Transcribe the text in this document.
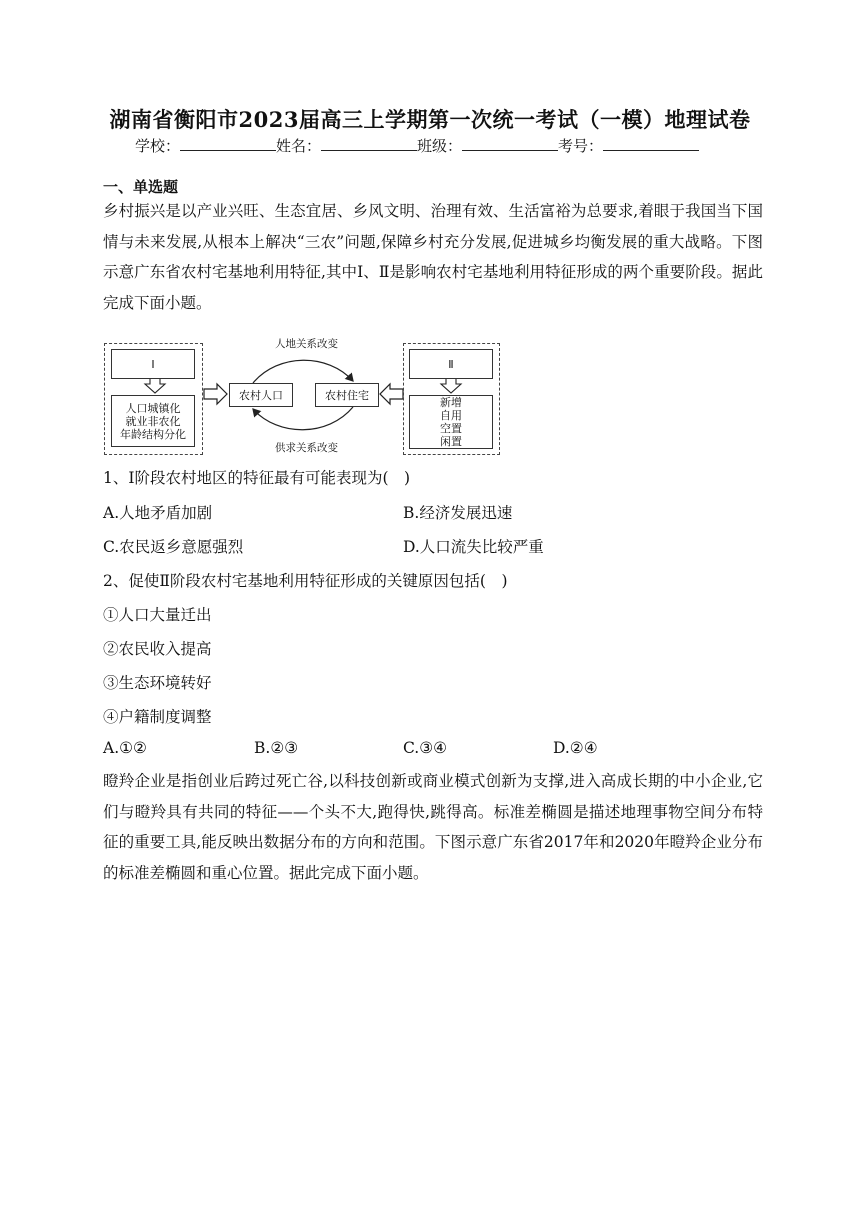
湖南省衡阳市2023届高三上学期第一次统一考试（一模）地理试卷
学校：	姓名：	班级：	考号：
一、单选题
乡村振兴是以产业兴旺、生态宜居、乡风文明、治理有效、生活富裕为总要求,着眼于我国当下国情与未来发展,从根本上解决“三农”问题,保障乡村充分发展,促进城乡均衡发展的重大战略。下图示意广东省农村宅基地利用特征,其中Ⅰ、Ⅱ是影响农村宅基地利用特征形成的两个重要阶段。据此完成下面小题。
Ⅰ
人口城镇化
就业非农化
年龄结构分化
人地关系改变
供求关系改变
农村人口	农村住宅
Ⅱ
新增
自用
空置
闲置
1、Ⅰ阶段农村地区的特征最有可能表现为(　)
A.人地矛盾加剧	B.经济发展迅速
C.农民返乡意愿强烈	D.人口流失比较严重
2、促使Ⅱ阶段农村宅基地利用特征形成的关键原因包括(　)
①人口大量迁出
②农民收入提高
③生态环境转好
④户籍制度调整
A.①②	B.②③	C.③④	D.②④
瞪羚企业是指创业后跨过死亡谷,以科技创新或商业模式创新为支撑,进入高成长期的中小企业,它们与瞪羚具有共同的特征——个头不大,跑得快,跳得高。标准差椭圆是描述地理事物空间分布特征的重要工具,能反映出数据分布的方向和范围。下图示意广东省2017年和2020年瞪羚企业分布的标准差椭圆和重心位置。据此完成下面小题。
